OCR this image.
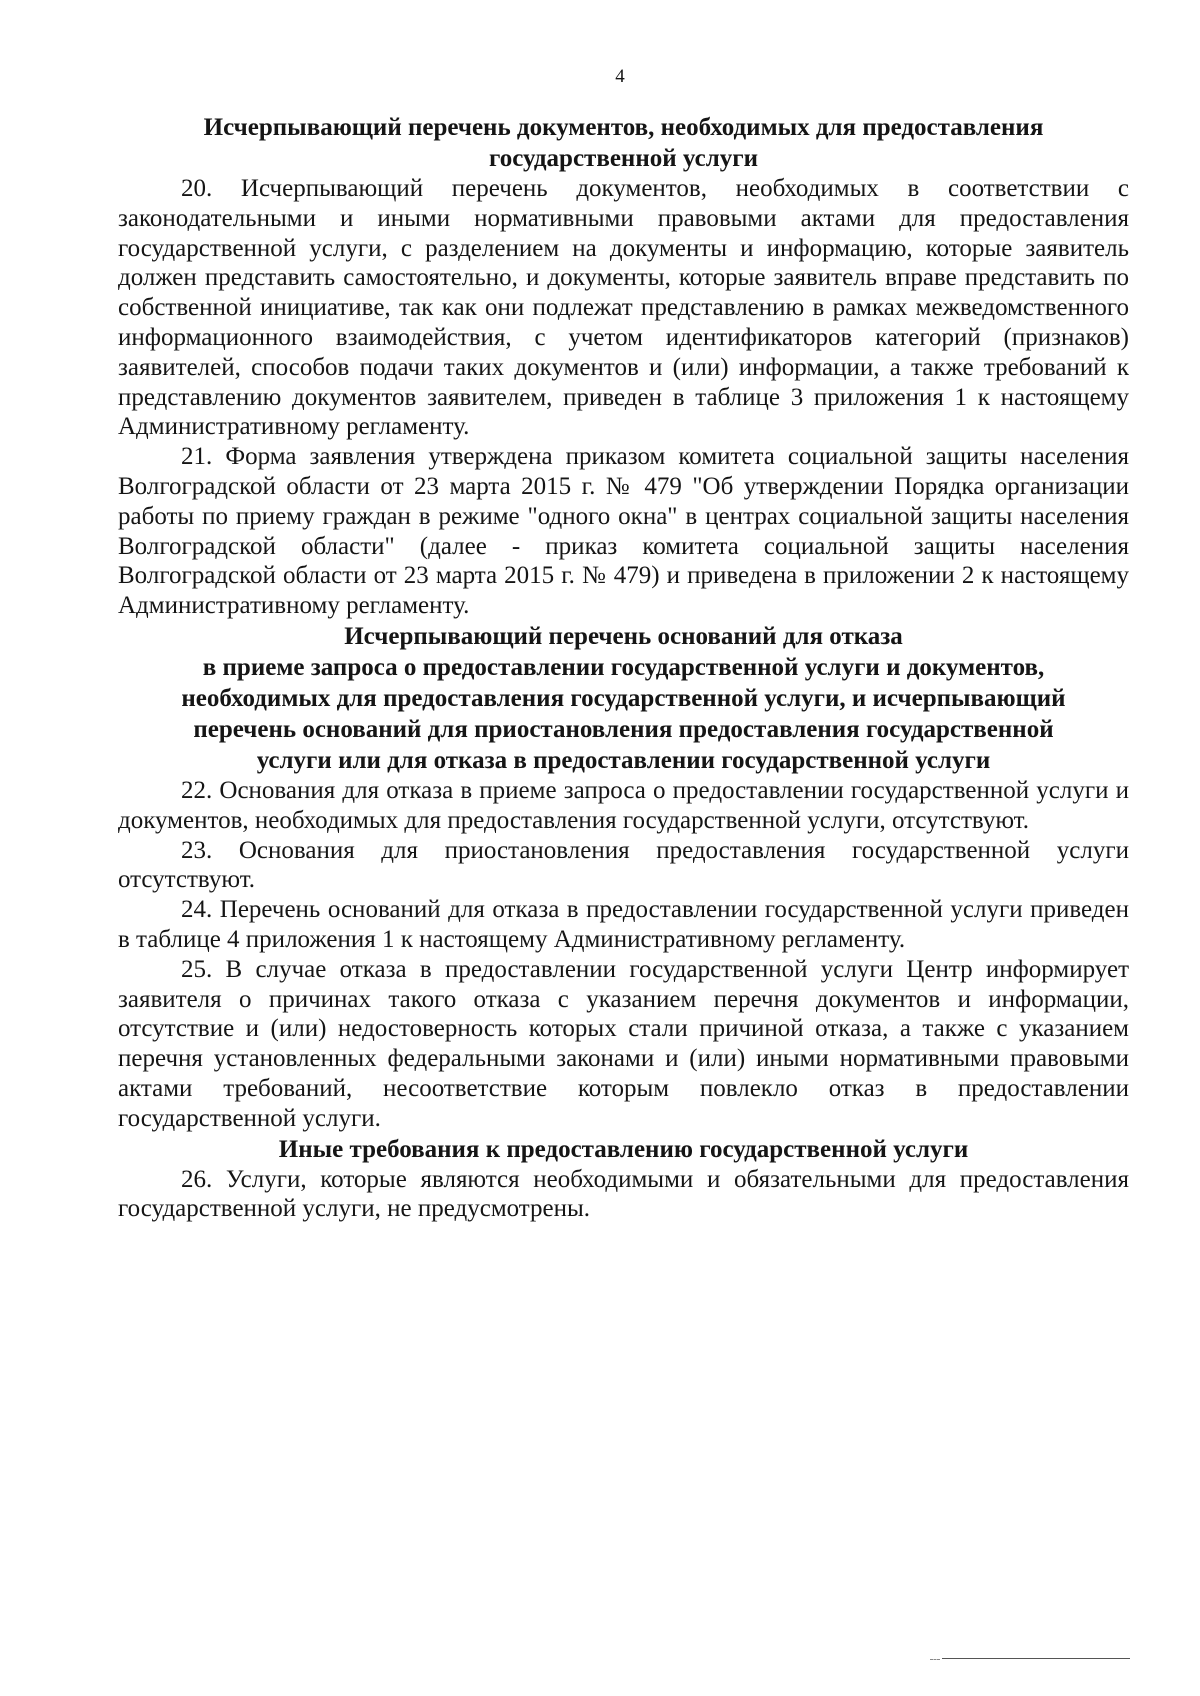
4
Исчерпывающий перечень документов, необходимых для предоставления
государственной услуги

20. Исчерпывающий перечень документов, необходимых в соответствии с законодательными и иными нормативными правовыми актами для предоставления государственной услуги, с разделением на документы и информацию, которые заявитель должен представить самостоятельно, и документы, которые заявитель вправе представить по собственной инициативе, так как они подлежат представлению в рамках межведомственного информационного взаимодействия, с учетом идентификаторов категорий (признаков) заявителей, способов подачи таких документов и (или) информации, а также требований к представлению документов заявителем, приведен в таблице 3 приложения 1 к настоящему Административному регламенту.

21. Форма заявления утверждена приказом комитета социальной защиты населения Волгоградской области от 23 марта 2015 г. № 479 "Об утверждении Порядка организации работы по приему граждан в режиме "одного окна" в центрах социальной защиты населения Волгоградской области" (далее - приказ комитета социальной защиты населения Волгоградской области от 23 марта 2015 г. № 479) и приведена в приложении 2 к настоящему Административному регламенту.

Исчерпывающий перечень оснований для отказа
в приеме запроса о предоставлении государственной услуги и документов,
необходимых для предоставления государственной услуги, и исчерпывающий
перечень оснований для приостановления предоставления государственной
услуги или для отказа в предоставлении государственной услуги

22. Основания для отказа в приеме запроса о предоставлении государственной услуги и документов, необходимых для предоставления государственной услуги, отсутствуют.

23. Основания для приостановления предоставления государственной услуги отсутствуют.

24. Перечень оснований для отказа в предоставлении государственной услуги приведен в таблице 4 приложения 1 к настоящему Административному регламенту.

25. В случае отказа в предоставлении государственной услуги Центр информирует заявителя о причинах такого отказа с указанием перечня документов и информации, отсутствие и (или) недостоверность которых стали причиной отказа, а также с указанием перечня установленных федеральными законами и (или) иными нормативными правовыми актами требований, несоответствие которым повлекло отказ в предоставлении государственной услуги.

Иные требования к предоставлению государственной услуги

26. Услуги, которые являются необходимыми и обязательными для предоставления государственной услуги, не предусмотрены.
